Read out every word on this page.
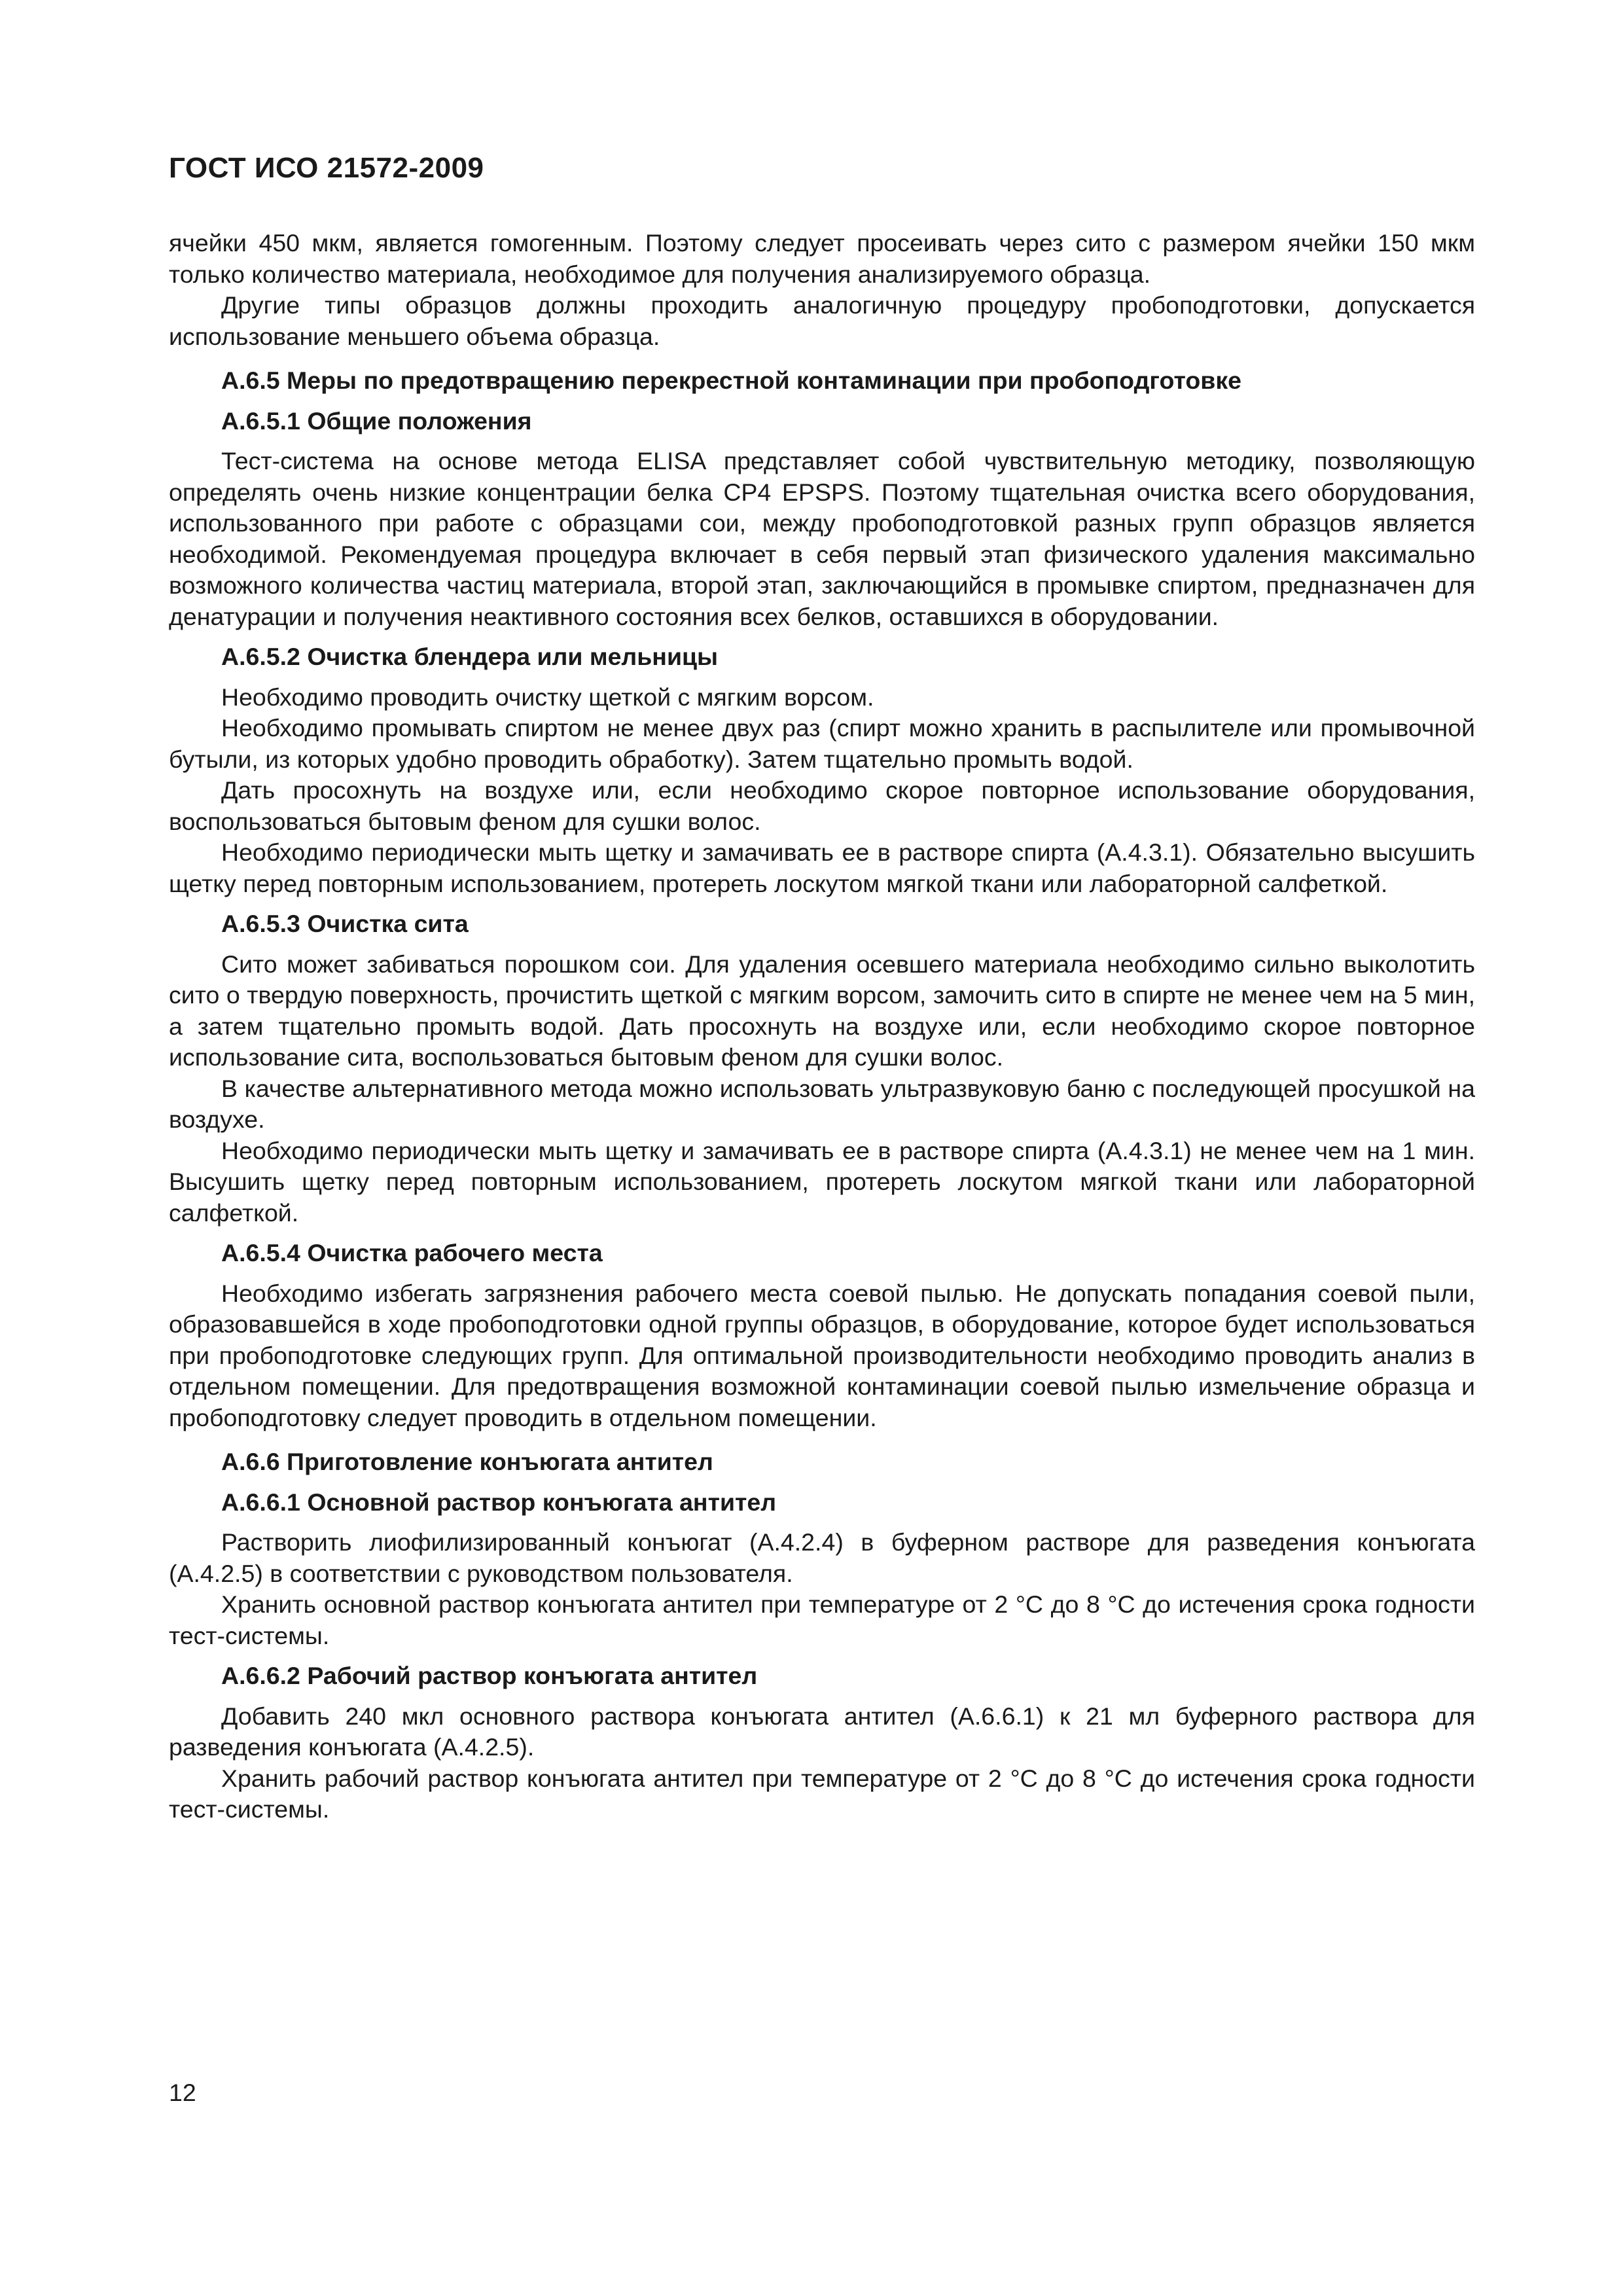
ГОСТ ИСО 21572-2009

ячейки 450 мкм, является гомогенным. Поэтому следует просеивать через сито с размером ячейки 150 мкм только количество материала, необходимое для получения анализируемого образца.

Другие типы образцов должны проходить аналогичную процедуру пробоподготовки, допускается использование меньшего объема образца.

А.6.5 Меры по предотвращению перекрестной контаминации при пробоподготовке
А.6.5.1 Общие положения

Тест-система на основе метода ELISA представляет собой чувствительную методику, позволяющую определять очень низкие концентрации белка CP4 EPSPS. Поэтому тщательная очистка всего оборудования, использованного при работе с образцами сои, между пробоподготовкой разных групп образцов является необходимой. Рекомендуемая процедура включает в себя первый этап физического удаления максимально возможного количества частиц материала, второй этап, заключающийся в промывке спиртом, предназначен для денатурации и получения неактивного состояния всех белков, оставшихся в оборудовании.

А.6.5.2 Очистка блендера или мельницы

Необходимо проводить очистку щеткой с мягким ворсом.

Необходимо промывать спиртом не менее двух раз (спирт можно хранить в распылителе или промывочной бутыли, из которых удобно проводить обработку). Затем тщательно промыть водой.

Дать просохнуть на воздухе или, если необходимо скорое повторное использование оборудования, воспользоваться бытовым феном для сушки волос.

Необходимо периодически мыть щетку и замачивать ее в растворе спирта (А.4.3.1). Обязательно высушить щетку перед повторным использованием, протереть лоскутом мягкой ткани или лабораторной салфеткой.

А.6.5.3 Очистка сита

Сито может забиваться порошком сои. Для удаления осевшего материала необходимо сильно выколотить сито о твердую поверхность, прочистить щеткой с мягким ворсом, замочить сито в спирте не менее чем на 5 мин, а затем тщательно промыть водой. Дать просохнуть на воздухе или, если необходимо скорое повторное использование сита, воспользоваться бытовым феном для сушки волос.

В качестве альтернативного метода можно использовать ультразвуковую баню с последующей просушкой на воздухе.

Необходимо периодически мыть щетку и замачивать ее в растворе спирта (А.4.3.1) не менее чем на 1 мин. Высушить щетку перед повторным использованием, протереть лоскутом мягкой ткани или лабораторной салфеткой.

А.6.5.4 Очистка рабочего места

Необходимо избегать загрязнения рабочего места соевой пылью. Не допускать попадания соевой пыли, образовавшейся в ходе пробоподготовки одной группы образцов, в оборудование, которое будет использоваться при пробоподготовке следующих групп. Для оптимальной производительности необходимо проводить анализ в отдельном помещении. Для предотвращения возможной контаминации соевой пылью измельчение образца и пробоподготовку следует проводить в отдельном помещении.

А.6.6 Приготовление конъюгата антител
А.6.6.1 Основной раствор конъюгата антител

Растворить лиофилизированный конъюгат (А.4.2.4) в буферном растворе для разведения конъюгата (А.4.2.5) в соответствии с руководством пользователя.

Хранить основной раствор конъюгата антител при температуре от 2 °С до 8 °С до истечения срока годности тест-системы.

А.6.6.2 Рабочий раствор конъюгата антител

Добавить 240 мкл основного раствора конъюгата антител (А.6.6.1) к 21 мл буферного раствора для разведения конъюгата (А.4.2.5).

Хранить рабочий раствор конъюгата антител при температуре от 2 °С до 8 °С до истечения срока годности тест-системы.

12
